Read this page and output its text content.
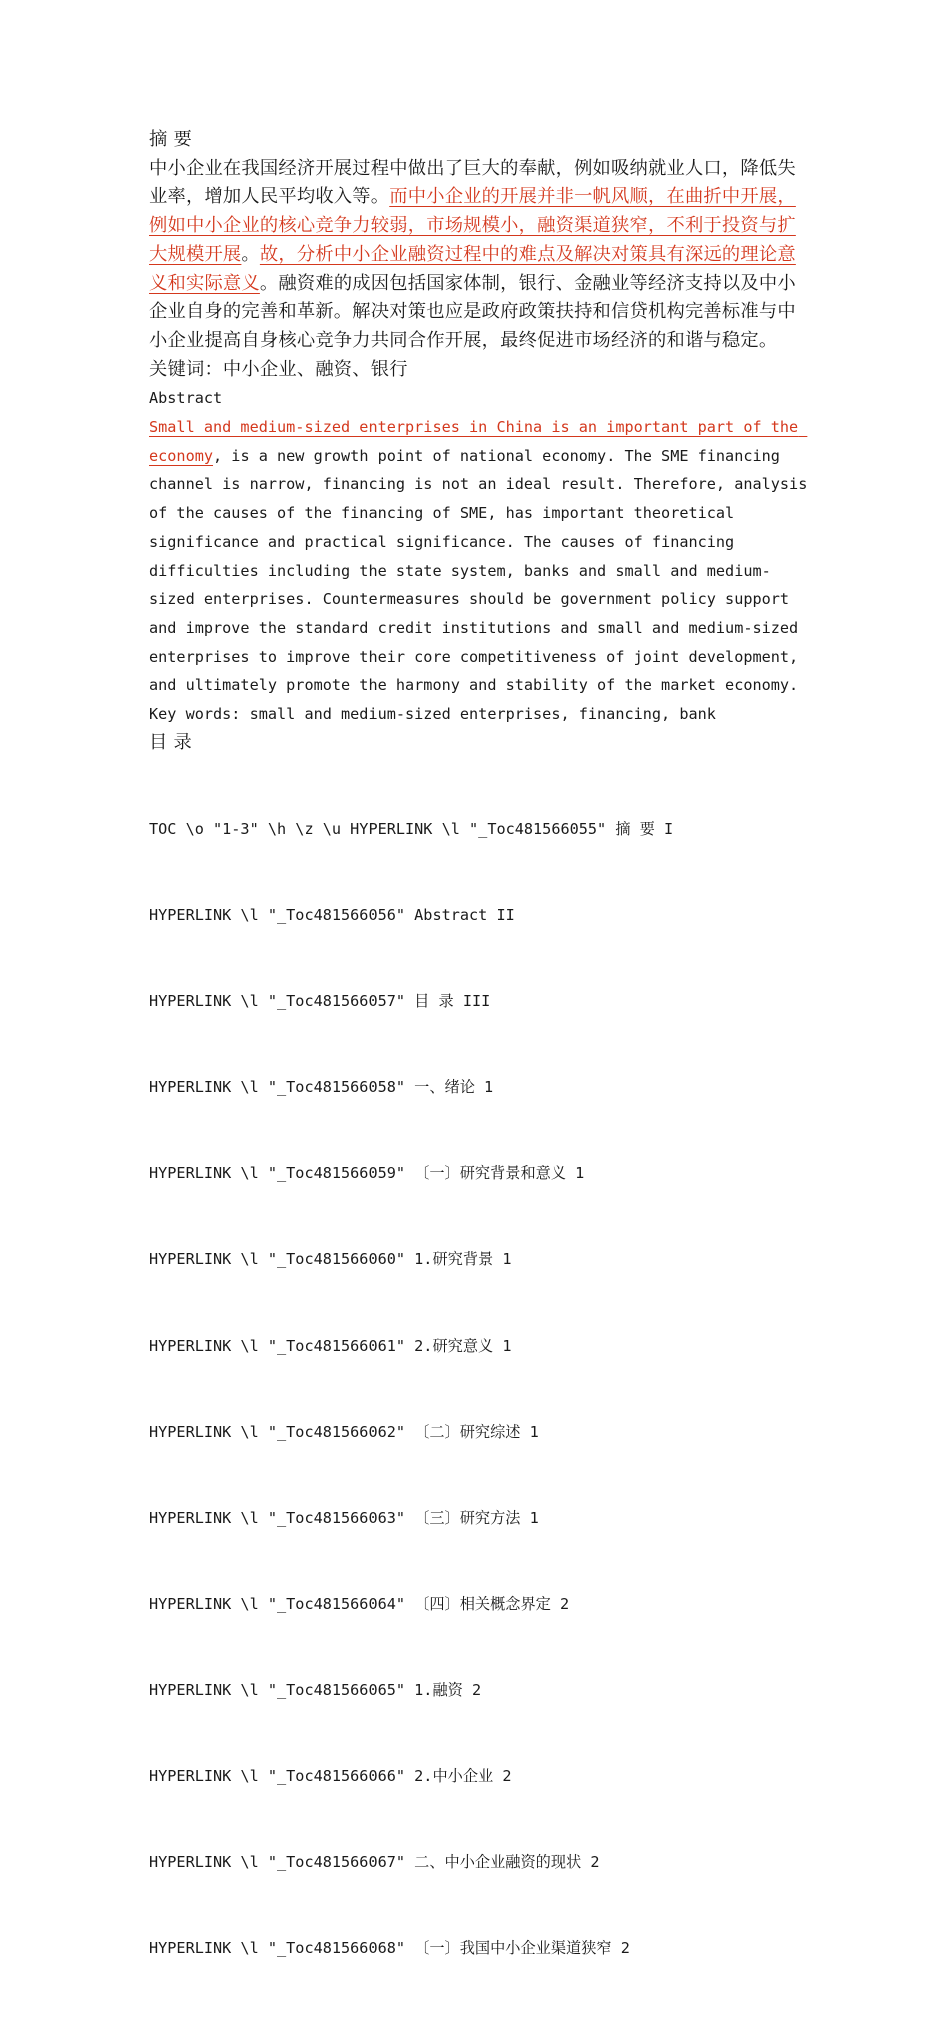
摘 要
中小企业在我国经济开展过程中做出了巨大的奉献，例如吸纳就业人口，降低失业率，增加人民平均收入等。而中小企业的开展并非一帆风顺，在曲折中开展，例如中小企业的核心竞争力较弱，市场规模小，融资渠道狭窄，不利于投资与扩大规模开展。故，分析中小企业融资过程中的难点及解决对策具有深远的理论意义和实际意义。融资难的成因包括国家体制，银行、金融业等经济支持以及中小企业自身的完善和革新。解决对策也应是政府政策扶持和信贷机构完善标准与中小企业提高自身核心竞争力共同合作开展，最终促进市场经济的和谐与稳定。
关键词：中小企业、融资、银行
Abstract
Small and medium-sized enterprises in China is an important part of the economy, is a new growth point of national economy. The SME financing channel is narrow, financing is not an ideal result. Therefore, analysis of the causes of the financing of SME, has important theoretical significance and practical significance. The causes of financing difficulties including the state system, banks and small and medium-sized enterprises. Countermeasures should be government policy support and improve the standard credit institutions and small and medium-sized enterprises to improve their core competitiveness of joint development, and ultimately promote the harmony and stability of the market economy.
Key words: small and medium-sized enterprises, financing, bank
目 录

TOC \o "1-3" \h \z \u HYPERLINK \l "_Toc481566055" 摘 要 I

HYPERLINK \l "_Toc481566056" Abstract II

HYPERLINK \l "_Toc481566057" 目 录 III

HYPERLINK \l "_Toc481566058" 一、绪论 1

HYPERLINK \l "_Toc481566059" 〔一〕研究背景和意义 1

HYPERLINK \l "_Toc481566060" 1.研究背景 1

HYPERLINK \l "_Toc481566061" 2.研究意义 1

HYPERLINK \l "_Toc481566062" 〔二〕研究综述 1

HYPERLINK \l "_Toc481566063" 〔三〕研究方法 1

HYPERLINK \l "_Toc481566064" 〔四〕相关概念界定 2

HYPERLINK \l "_Toc481566065" 1.融资 2

HYPERLINK \l "_Toc481566066" 2.中小企业 2

HYPERLINK \l "_Toc481566067" 二、中小企业融资的现状 2

HYPERLINK \l "_Toc481566068" 〔一〕我国中小企业渠道狭窄 2
